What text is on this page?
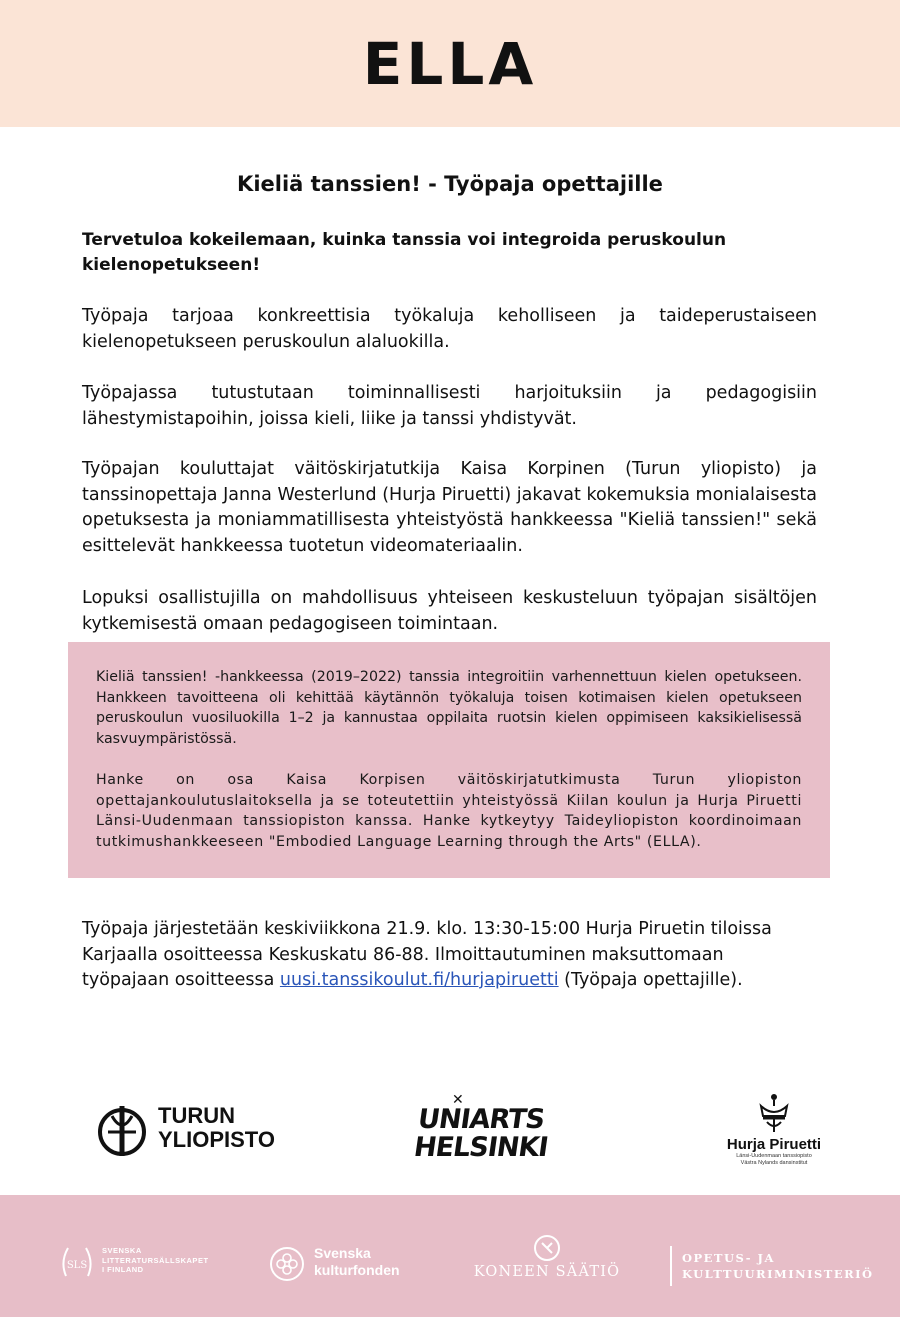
ELLA
Kieliä tanssien! - Työpaja opettajille
Tervetuloa kokeilemaan, kuinka tanssia voi integroida peruskoulun kielenopetukseen!
Työpaja tarjoaa konkreettisia työkaluja keholliseen ja taideperustaiseen kielenopetukseen peruskoulun alaluokilla.
Työpajassa tutustutaan toiminnallisesti harjoituksiin ja pedagogisiin lähestymistapoihin, joissa kieli, liike ja tanssi yhdistyvät.
Työpajan kouluttajat väitöskirjatutkija Kaisa Korpinen (Turun yliopisto) ja tanssinopettaja Janna Westerlund (Hurja Piruetti) jakavat kokemuksia monialaisesta opetuksesta ja moniammatillisesta yhteistyöstä hankkeessa "Kieliä tanssien!" sekä esittelevät hankkeessa tuotetun videomateriaalin.
Lopuksi osallistujilla on mahdollisuus yhteiseen keskusteluun työpajan sisältöjen kytkemisestä omaan pedagogiseen toimintaan.
Kieliä tanssien! -hankkeessa (2019–2022) tanssia integroitiin varhennettuun kielen opetukseen. Hankkeen tavoitteena oli kehittää käytännön työkaluja toisen kotimaisen kielen opetukseen peruskoulun vuosiluokilla 1–2 ja kannustaa oppilaita ruotsin kielen oppimiseen kaksikielisessä kasvuympäristössä.
Hanke on osa Kaisa Korpisen väitöskirjatutkimusta Turun yliopiston opettajankoulutuslaitoksella ja se toteutettiin yhteistyössä Kiilan koulun ja Hurja Piruetti Länsi-Uudenmaan tanssiopiston kanssa. Hanke kytkeytyy Taideyliopiston koordinoimaan tutkimushankkeeseen "Embodied Language Learning through the Arts" (ELLA).
Työpaja järjestetään keskiviikkona 21.9. klo. 13:30-15:00 Hurja Piruetin tiloissa Karjaalla osoitteessa Keskuskatu 86-88. Ilmoittautuminen maksuttomaan työpajaan osoitteessa uusi.tanssikoulut.fi/hurjapiruetti (Työpaja opettajille).
TURUN
YLIOPISTO
✕
UNIARTS
HELSINKI	Hurja Piruetti
Länsi-Uudenmaan tanssiopisto
Västra Nylands dansinstitut
SLS
SVENSKA
LITTERATURSÄLLSKAPET
I FINLAND
Svenska
kulturfonden	KONEEN SÄÄTIÖ
OPETUS- JA
KULTTUURIMINISTERIÖ
